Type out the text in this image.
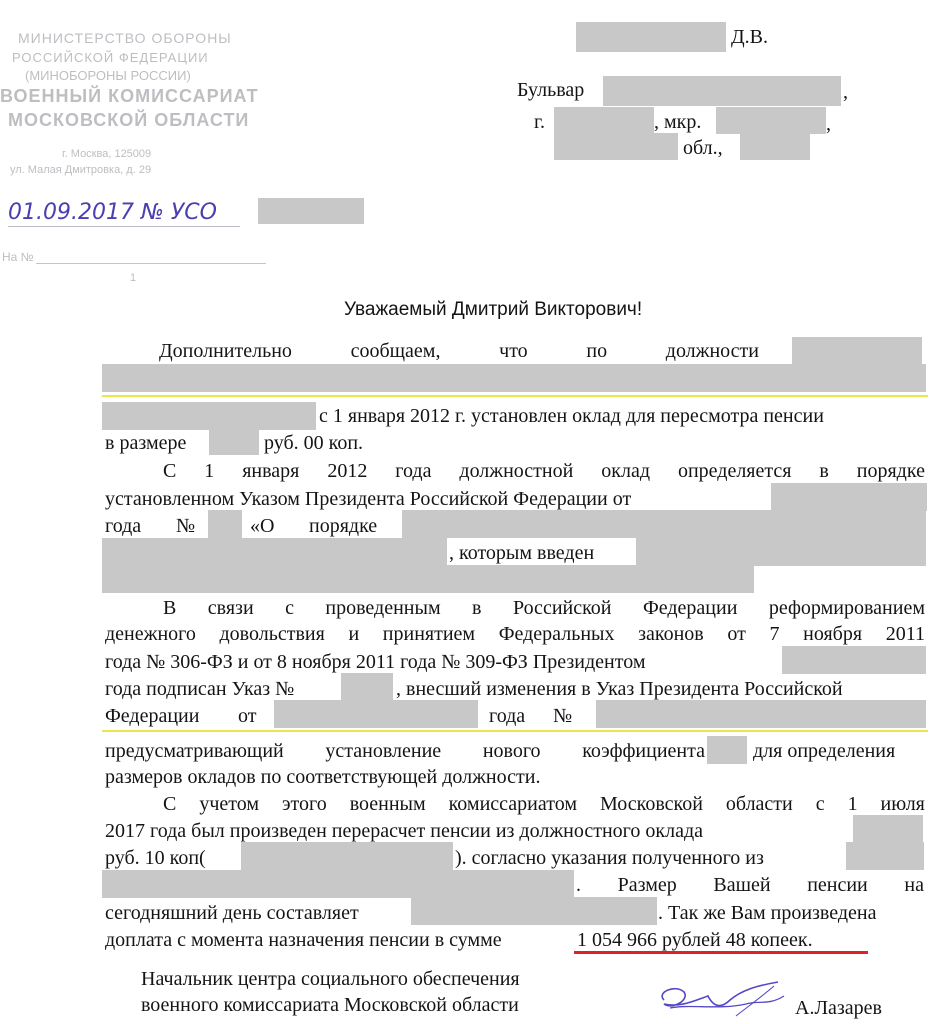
МИНИСТЕРСТВО ОБОРОНЫ
РОССИЙСКОЙ ФЕДЕРАЦИИ
(МИНОБОРОНЫ РОССИИ)
ВОЕННЫЙ КОМИССАРИАТ
МОСКОВСКОЙ ОБЛАСТИ
г. Москва, 125009
ул. Малая Дмитровка, д. 29
01.09.2017 № УСО
На №
1
Д.В.
Бульвар	,
г.	, мкр.	,
обл.,
Уважаемый Дмитрий Викторович!
Дополнительно	сообщаем,	что	по	должности
с 1 января 2012 г. установлен оклад для пересмотра пенсии
в размере	руб. 00 коп.
С 1 января 2012 года должностной оклад определяется в порядке
установленном Указом Президента Российской Федерации от
года №	«О порядке
, которым введен
В связи с проведенным в Российской Федерации реформированием
денежного довольствия и принятием Федеральных законов от 7 ноября 2011
года № 306-ФЗ и от 8 ноября 2011 года № 309-ФЗ Президентом
года подписан Указ №	, внесший изменения в Указ Президента Российской
Федерации от	года №
предусматривающий установление нового коэффициента для определения
размеров окладов по соответствующей должности.
С учетом этого военным комиссариатом Московской области с 1 июля
2017 года был произведен перерасчет пенсии из должностного оклада
руб. 10 коп(	). согласно указания полученного из
. Размер Вашей пенсии на
сегодняшний день составляет	. Так же Вам произведена
доплата с момента назначения пенсии в сумме	1 054 966 рублей 48 копеек.
Начальник центра социального обеспечения
военного комиссариата Московской области	А.Лазарев
